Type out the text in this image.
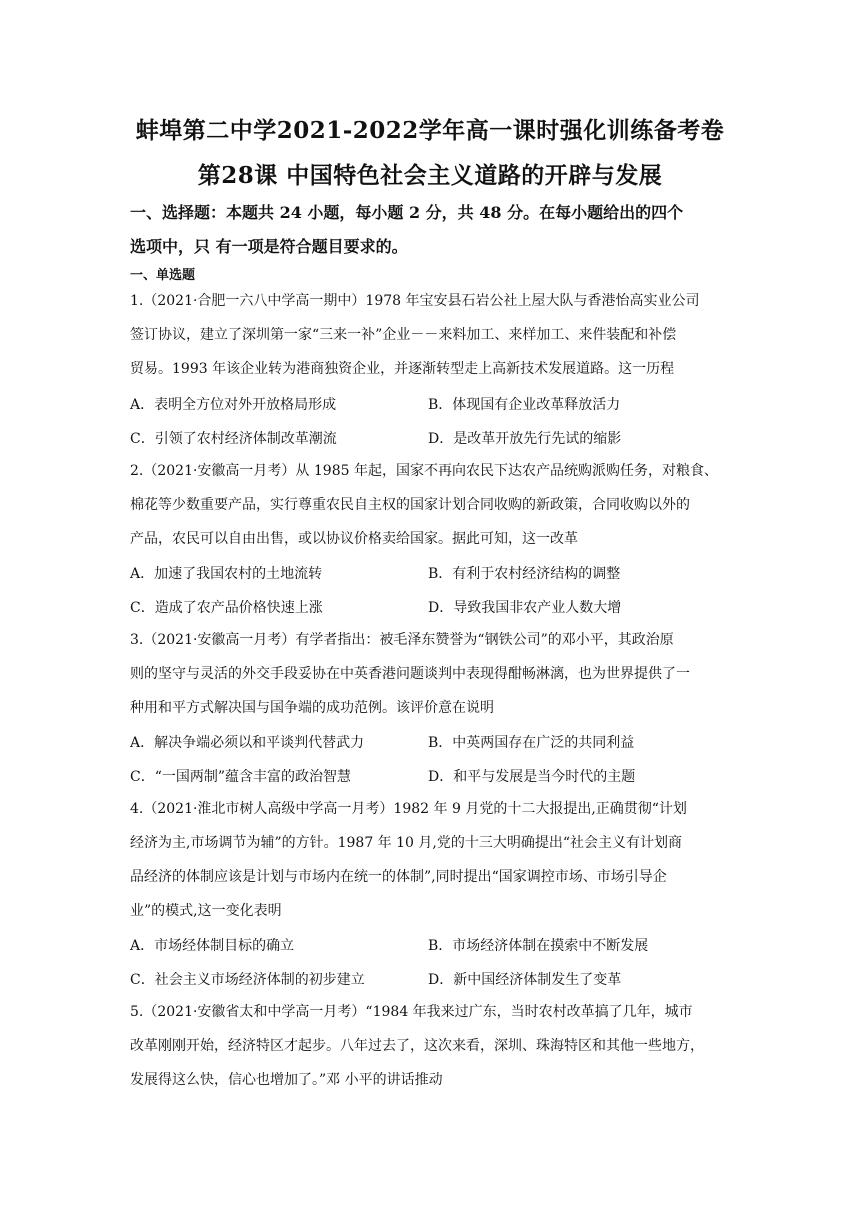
蚌埠第二中学2021-2022学年高一课时强化训练备考卷
第28课 中国特色社会主义道路的开辟与发展
一、选择题：本题共 24 小题，每小题 2 分，共 48 分。在每小题给出的四个
选项中，只 有一项是符合题目要求的。
一、单选题
1.（2021·合肥一六八中学高一期中）1978 年宝安县石岩公社上屋大队与香港怡高实业公司
签订协议，建立了深圳第一家“三来一补”企业－－来料加工、来样加工、来件装配和补偿
贸易。1993 年该企业转为港商独资企业，并逐渐转型走上高新技术发展道路。这一历程
A．表明全方位对外开放格局形成	B．体现国有企业改革释放活力
C．引领了农村经济体制改革潮流	D．是改革开放先行先试的缩影
2.（2021·安徽高一月考）从 1985 年起，国家不再向农民下达农产品统购派购任务，对粮食、
棉花等少数重要产品，实行尊重农民自主权的国家计划合同收购的新政策，合同收购以外的
产品，农民可以自由出售，或以协议价格卖给国家。据此可知，这一改革
A．加速了我国农村的土地流转	B．有利于农村经济结构的调整
C．造成了农产品价格快速上涨	D．导致我国非农产业人数大增
3.（2021·安徽高一月考）有学者指出：被毛泽东赞誉为“钢铁公司”的邓小平，其政治原
则的坚守与灵活的外交手段妥协在中英香港问题谈判中表现得酣畅淋漓，也为世界提供了一
种用和平方式解决国与国争端的成功范例。该评价意在说明
A．解决争端必须以和平谈判代替武力	B．中英两国存在广泛的共同利益
C．“一国两制”蕴含丰富的政治智慧	D．和平与发展是当今时代的主题
4.（2021·淮北市树人高级中学高一月考）1982 年 9 月党的十二大报提出,正确贯彻“计划
经济为主,市场调节为辅”的方针。1987 年 10 月,党的十三大明确提出“社会主义有计划商
品经济的体制应该是计划与市场内在统一的体制”,同时提出“国家调控市场、市场引导企
业”的模式,这一变化表明
A．市场经体制目标的确立	B．市场经济体制在摸索中不断发展
C．社会主义市场经济体制的初步建立	D．新中国经济体制发生了变革
5.（2021·安徽省太和中学高一月考）“1984 年我来过广东，当时农村改革搞了几年，城市
改革刚刚开始，经济特区才起步。八年过去了，这次来看，深圳、珠海特区和其他一些地方，
发展得这么快，信心也增加了。”邓 小平的讲话推动
